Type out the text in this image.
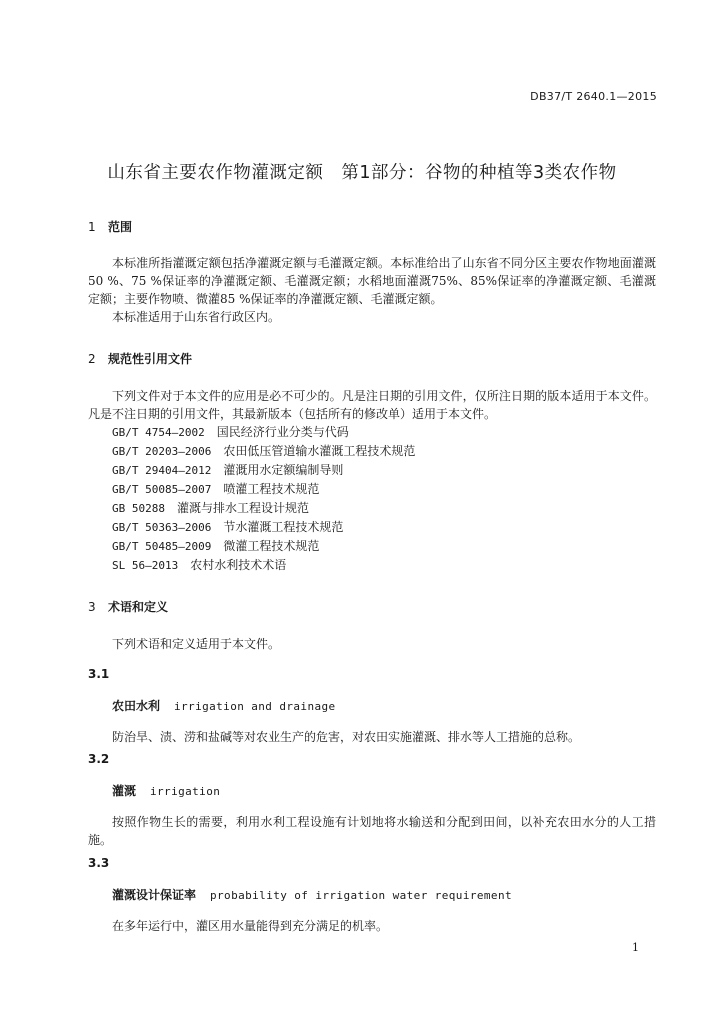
DB37/T 2640.1—2015
山东省主要农作物灌溉定额　第1部分：谷物的种植等3类农作物
1 范围

本标准所指灌溉定额包括净灌溉定额与毛灌溉定额。本标准给出了山东省不同分区主要农作物地面灌溉50 %、75 %保证率的净灌溉定额、毛灌溉定额；水稻地面灌溉75%、85%保证率的净灌溉定额、毛灌溉定额；主要作物喷、微灌85 %保证率的净灌溉定额、毛灌溉定额。

本标准适用于山东省行政区内。

2 规范性引用文件

下列文件对于本文件的应用是必不可少的。凡是注日期的引用文件，仅所注日期的版本适用于本文件。凡是不注日期的引用文件，其最新版本（包括所有的修改单）适用于本文件。

GB/T 4754—2002 国民经济行业分类与代码

GB/T 20203—2006 农田低压管道输水灌溉工程技术规范

GB/T 29404—2012 灌溉用水定额编制导则

GB/T 50085—2007 喷灌工程技术规范

GB 50288 灌溉与排水工程设计规范

GB/T 50363—2006 节水灌溉工程技术规范

GB/T 50485—2009 微灌工程技术规范

SL 56—2013 农村水利技术术语

3 术语和定义

下列术语和定义适用于本文件。

3.1
农田水利 irrigation and drainage

防治旱、渍、涝和盐碱等对农业生产的危害，对农田实施灌溉、排水等人工措施的总称。

3.2
灌溉 irrigation

按照作物生长的需要，利用水利工程设施有计划地将水输送和分配到田间，以补充农田水分的人工措施。

3.3
灌溉设计保证率 probability of irrigation water requirement

在多年运行中，灌区用水量能得到充分满足的机率。

1
